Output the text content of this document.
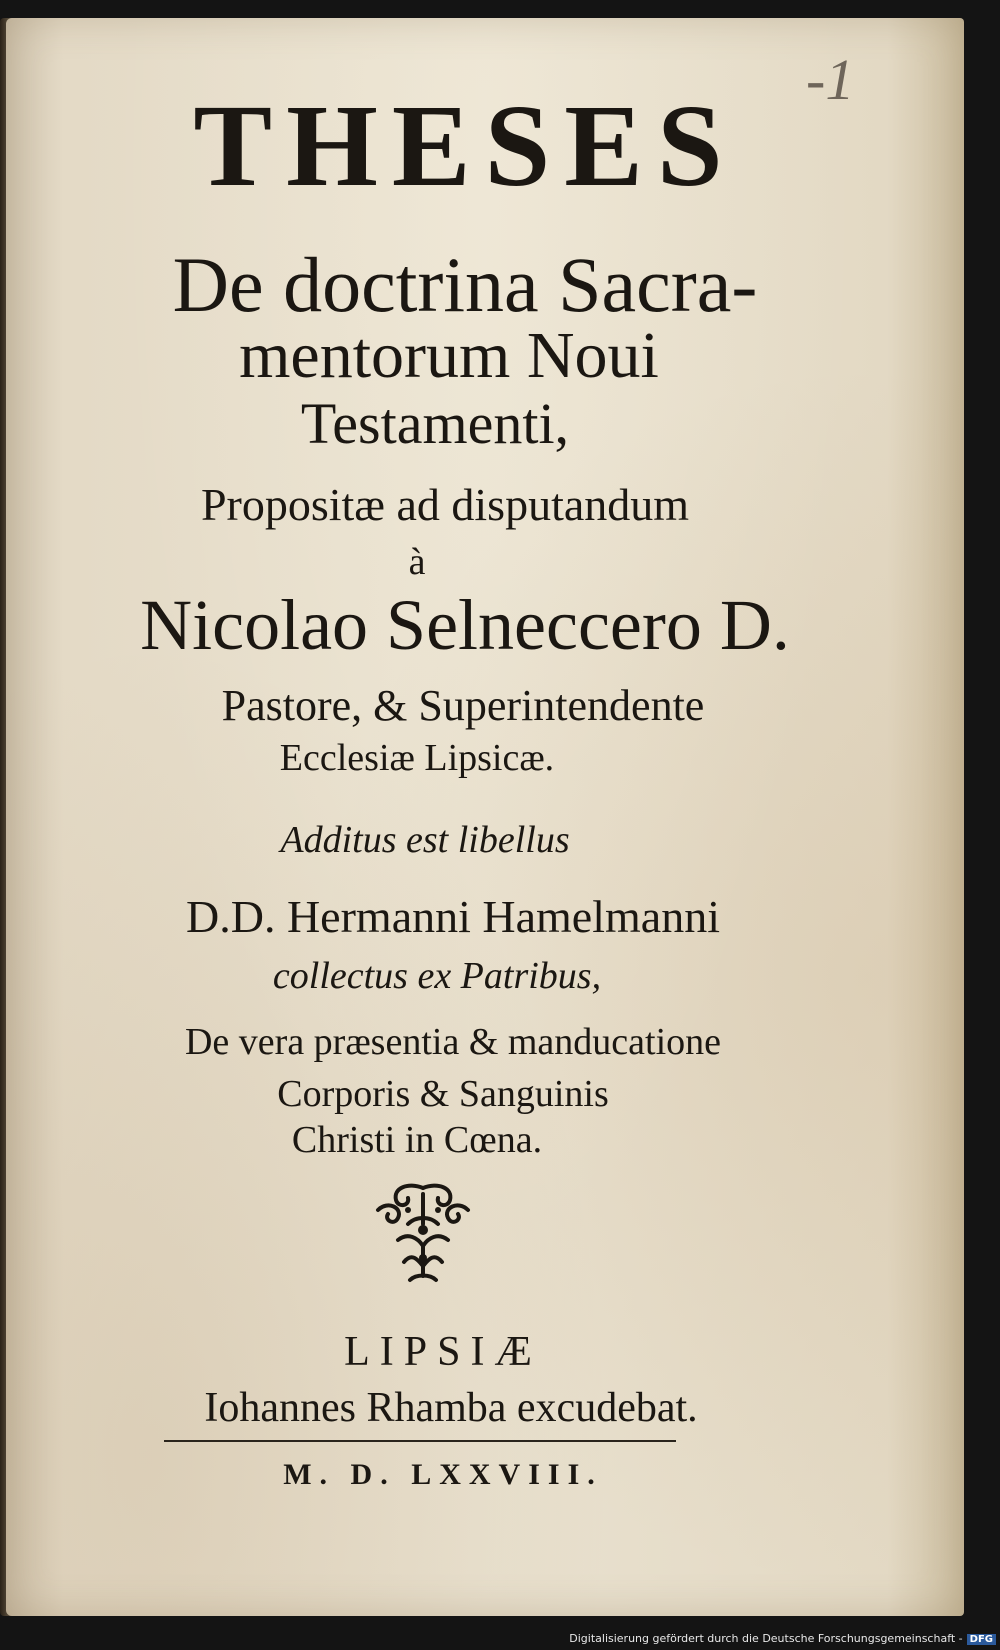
-1
THESES
De doctrina Sacra-
mentorum Noui
Testamenti,
Propositæ ad disputandum
à
Nicolao Selneccero D.
Pastore, & Superintendente
Ecclesiæ Lipsicæ.
Additus est libellus
D.D. Hermanni Hamelmanni
collectus ex Patribus,
De vera præsentia & manducatione
Corporis & Sanguinis
Christi in Cœna.
LIPSIÆ
Iohannes Rhamba excudebat.
M. D. LXXVIII.
Digitalisierung gefördert durch die Deutsche Forschungsgemeinschaft - DFG
